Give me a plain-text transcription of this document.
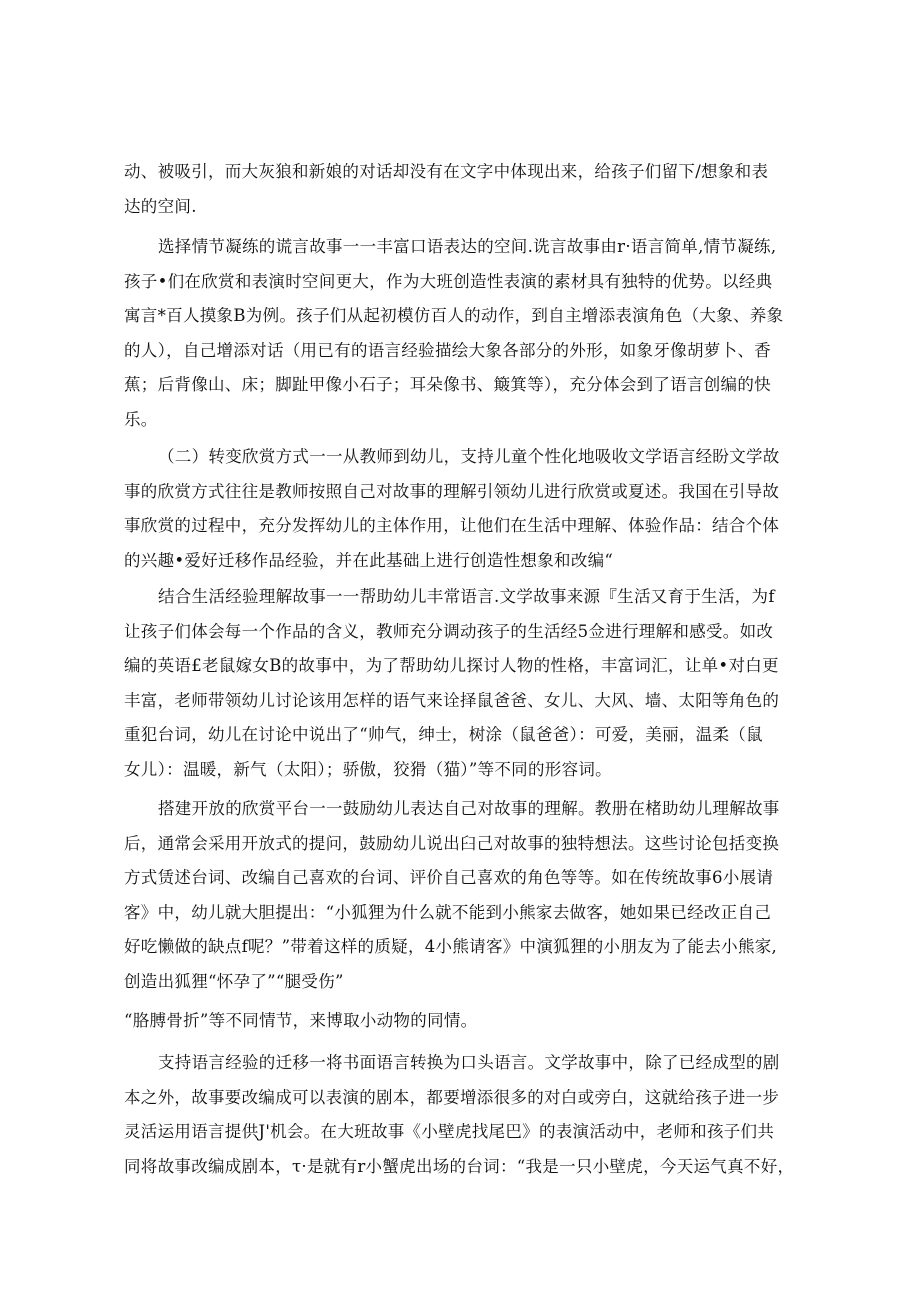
动、被吸引，而大灰狼和新娘的对话却没有在文字中体现出来，给孩子们留下/想象和表
达的空间.

选择情节凝练的谎言故事一一丰富口语表达的空间.诜言故事由r·语言简单,情节凝练,
孩子•们在欣赏和表演时空间更大，作为大班创造性表演的素材具有独特的优势。以经典
寓言*百人摸象B为例。孩子们从起初模仿百人的动作，到自主增添表演角色（大象、养象
的人），自己增添对话（用已有的语言经验描绘大象各部分的外形，如象牙像胡萝卜、香
蕉；后背像山、床；脚趾甲像小石子；耳朵像书、簸箕等），充分体会到了语言创编的快
乐。

（二）转变欣赏方式一一从教师到幼儿，支持儿童个性化地吸收文学语言经盼文学故
事的欣赏方式往往是教师按照自己对故事的理解引领幼儿进行欣赏或夏述。我国在引导故
事欣赏的过程中，充分发挥幼儿的主体作用，让他们在生活中理解、体验作品：结合个体
的兴趣•爱好迁移作品经验，并在此基础上进行创造性想象和改编“

结合生活经验理解故事一一帮助幼儿丰常语言.文学故事来源『生活又育于生活，为f
让孩子们体会每一个作品的含义，教师充分调动孩子的生活经5佥进行理解和感受。如改
编的英语£老鼠嫁女B的故事中，为了帮助幼儿探讨人物的性格，丰富词汇，让单•对白更
丰富，老师带领幼儿讨论该用怎样的语气来诠择鼠爸爸、女儿、大风、墙、太阳等角色的
重犯台词，幼儿在讨论中说出了“帅气，绅士，树涂（鼠爸爸）：可爱，美丽，温柔（鼠
女儿）：温暖，新气（太阳）；骄傲，狡猾（猫）”等不同的形容词。

搭建开放的欣赏平台一一鼓励幼儿表达自己对故事的理解。教册在楮助幼儿理解故事
后，通常会采用开放式的提问，鼓励幼儿说出臼己对故事的独特想法。这些讨论包括变换
方式赁述台词、改编自己喜欢的台词、评价自己喜欢的角色等等。如在传统故事6小展请
客》中，幼儿就大胆提出：“小狐狸为什么就不能到小熊家去做客，她如果已经改正自己
好吃懒做的缺点f呢？”带着这样的质疑，4小熊请客》中演狐狸的小朋友为了能去小熊家,
创造出狐狸“怀孕了”“腿受伤”

“胳膊骨折”等不同情节，来博取小动物的同情。

支持语言经验的迁移一将书面语言转换为口头语言。文学故事中，除了已经成型的剧
本之外，故事要改编成可以表演的剧本，都要增添很多的对白或旁白，这就给孩子进一步
灵活运用语言提供J'机会。在大班故事《小壁虎找尾巴》的表演活动中，老师和孩子们共
同将故事改编成剧本，τ·是就有r小蟹虎出场的台词：“我是一只小壁虎，今天运气真不好，
